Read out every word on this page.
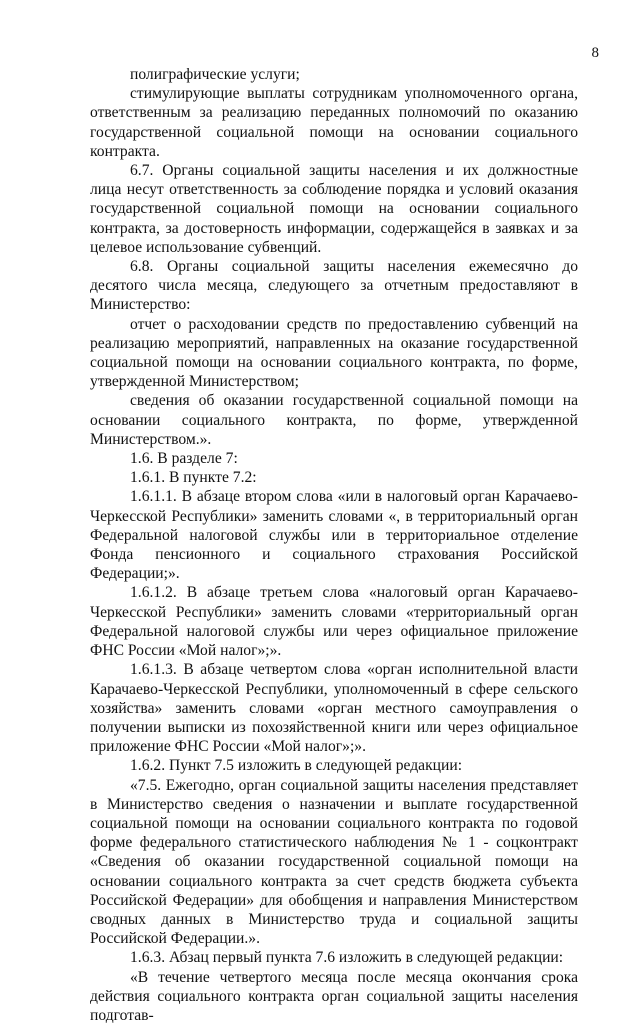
8

полиграфические услуги;

стимулирующие выплаты сотрудникам уполномоченного органа, ответственным за реализацию переданных полномочий по оказанию государственной социальной помощи на основании социального контракта.

6.7. Органы социальной защиты населения и их должностные лица несут ответственность за соблюдение порядка и условий оказания государственной социальной помощи на основании социального контракта, за достоверность информации, содержащейся в заявках и за целевое использование субвенций.

6.8. Органы социальной защиты населения ежемесячно до десятого числа месяца, следующего за отчетным предоставляют в Министерство:

отчет о расходовании средств по предоставлению субвенций на реализацию мероприятий, направленных на оказание государственной социальной помощи на основании социального контракта, по форме, утвержденной Министерством;

сведения об оказании государственной социальной помощи на основании социального контракта, по форме, утвержденной Министерством.».

1.6. В разделе 7:

1.6.1. В пункте 7.2:

1.6.1.1. В абзаце втором слова «или в налоговый орган Карачаево-Черкесской Республики» заменить словами «, в территориальный орган Федеральной налоговой службы или в территориальное отделение Фонда пенсионного и социального страхования Российской Федерации;».

1.6.1.2. В абзаце третьем слова «налоговый орган Карачаево-Черкесской Республики» заменить словами «территориальный орган Федеральной налоговой службы или через официальное приложение ФНС России «Мой налог»;».

1.6.1.3. В абзаце четвертом слова «орган исполнительной власти Карачаево-Черкесской Республики, уполномоченный в сфере сельского хозяйства» заменить словами «орган местного самоуправления о получении выписки из похозяйственной книги или через официальное приложение ФНС России «Мой налог»;».

1.6.2. Пункт 7.5 изложить в следующей редакции:

«7.5. Ежегодно, орган социальной защиты населения представляет в Министерство сведения о назначении и выплате государственной социальной помощи на основании социального контракта по годовой форме федерального статистического наблюдения № 1 - соцконтракт «Сведения об оказании государственной социальной помощи на основании социального контракта за счет средств бюджета субъекта Российской Федерации» для обобщения и направления Министерством сводных данных в Министерство труда и социальной защиты Российской Федерации.».

1.6.3. Абзац первый пункта 7.6 изложить в следующей редакции:

«В течение четвертого месяца после месяца окончания срока действия социального контракта орган социальной защиты населения подготав-
